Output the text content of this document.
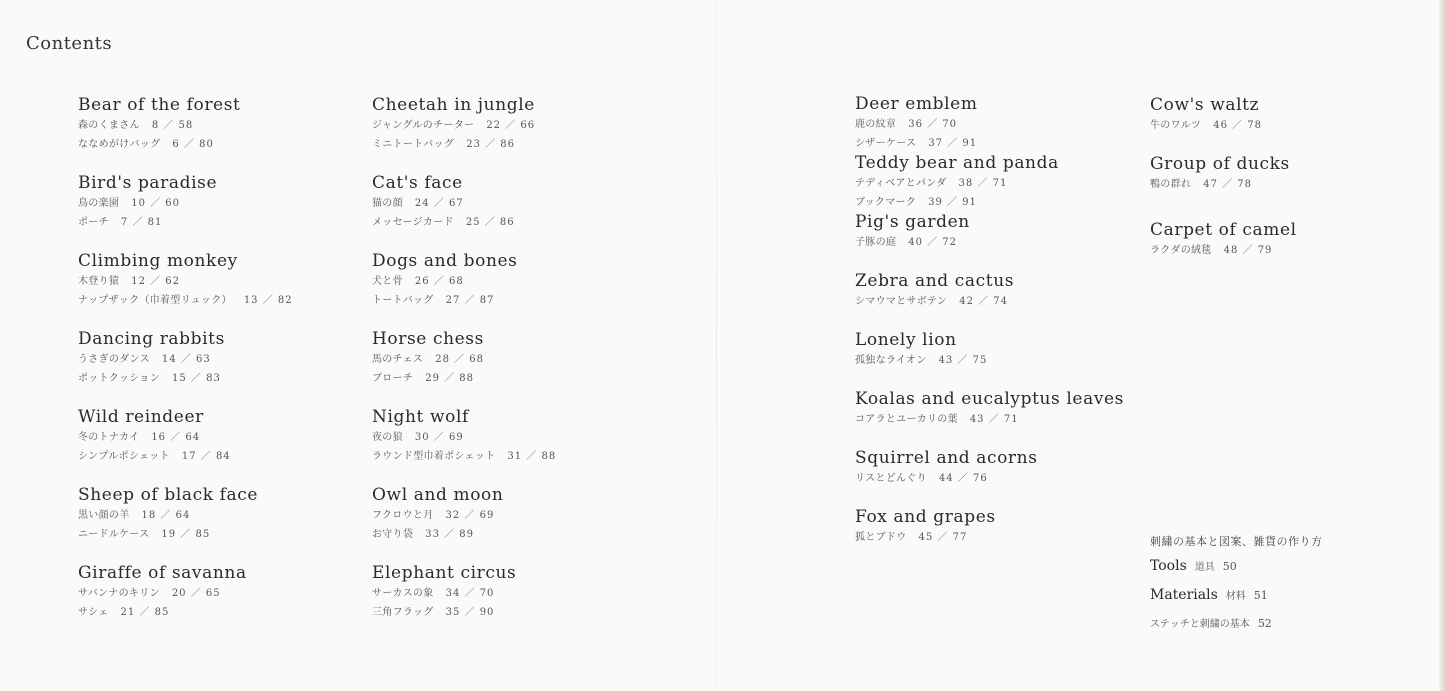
Contents
Bear of the forest
森のくまさん 8 ／ 58
ななめがけバッグ 6 ／ 80
Bird's paradise
鳥の楽園 10 ／ 60
ポーチ 7 ／ 81
Climbing monkey
木登り猿 12 ／ 62
ナップザック（巾着型リュック） 13 ／ 82
Dancing rabbits
うさぎのダンス 14 ／ 63
ポットクッション 15 ／ 83
Wild reindeer
冬のトナカイ 16 ／ 64
シンプルポシェット 17 ／ 84
Sheep of black face
黒い顔の羊 18 ／ 64
ニードルケース 19 ／ 85
Giraffe of savanna
サバンナのキリン 20 ／ 65
サシェ 21 ／ 85
Cheetah in jungle
ジャングルのチーター 22 ／ 66
ミニトートバッグ 23 ／ 86
Cat's face
猫の顔 24 ／ 67
メッセージカード 25 ／ 86
Dogs and bones
犬と骨 26 ／ 68
トートバッグ 27 ／ 87
Horse chess
馬のチェス 28 ／ 68
ブローチ 29 ／ 88
Night wolf
夜の狼 30 ／ 69
ラウンド型巾着ポシェット 31 ／ 88
Owl and moon
フクロウと月 32 ／ 69
お守り袋 33 ／ 89
Elephant circus
サーカスの象 34 ／ 70
三角フラッグ 35 ／ 90
Deer emblem
鹿の紋章 36 ／ 70
シザーケース 37 ／ 91
Teddy bear and panda
テディベアとパンダ 38 ／ 71
ブックマーク 39 ／ 91
Pig's garden
子豚の庭 40 ／ 72
Zebra and cactus
シマウマとサボテン 42 ／ 74
Lonely lion
孤独なライオン 43 ／ 75
Koalas and eucalyptus leaves
コアラとユーカリの葉 43 ／ 71
Squirrel and acorns
リスとどんぐり 44 ／ 76
Fox and grapes
狐とブドウ 45 ／ 77
Cow's waltz
牛のワルツ 46 ／ 78
Group of ducks
鴨の群れ 47 ／ 78
Carpet of camel
ラクダの絨毯 48 ／ 79
刺繍の基本と図案、雑貨の作り方
Tools 道具 50
Materials 材料 51
ステッチと刺繍の基本 52
